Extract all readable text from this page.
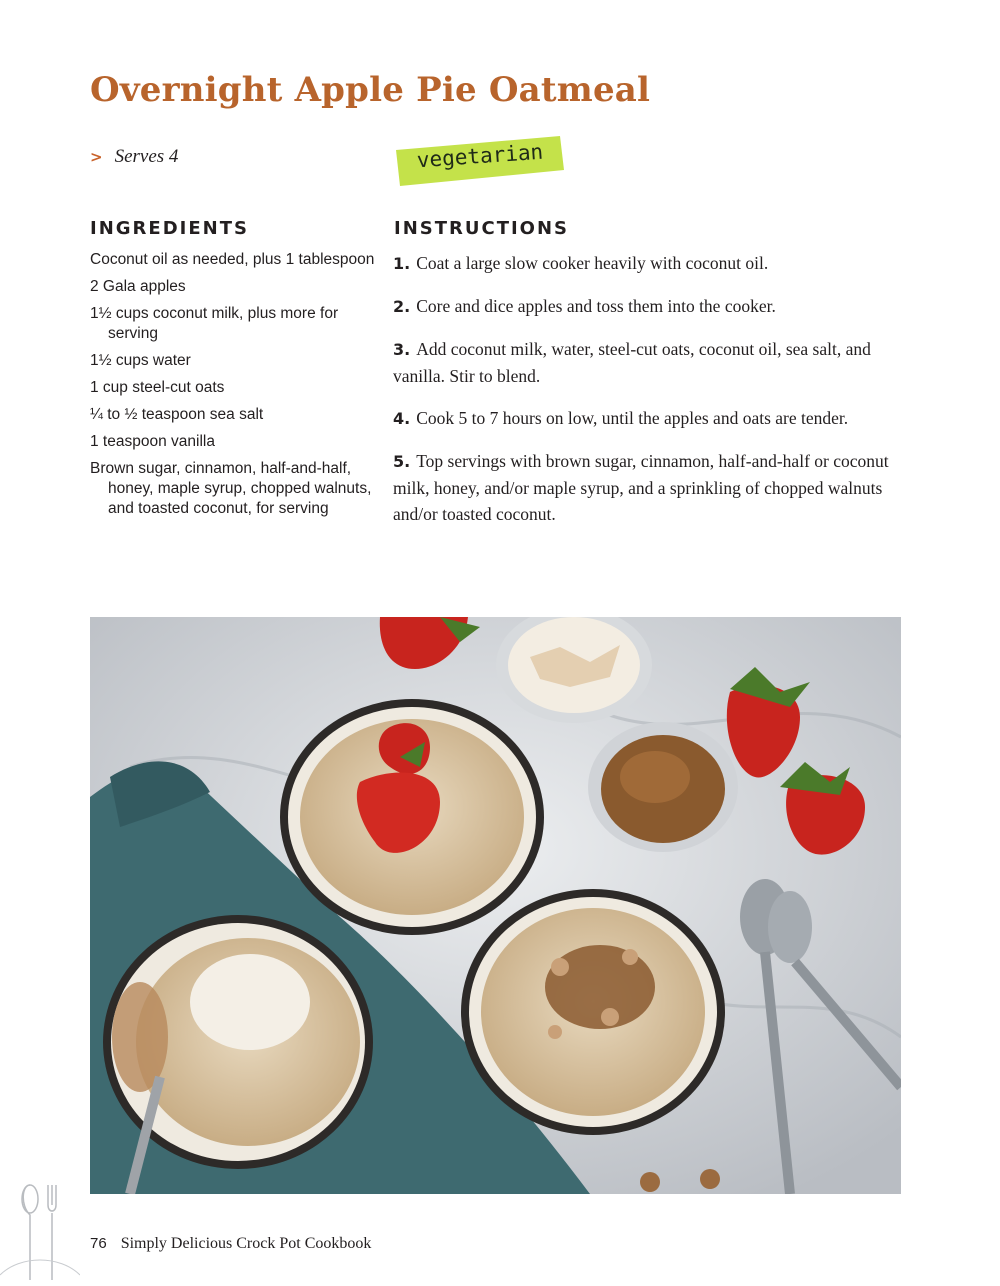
Overnight Apple Pie Oatmeal
> Serves 4	vegetarian
INGREDIENTS
Coconut oil as needed, plus 1 tablespoon
2 Gala apples
1½ cups coconut milk, plus more for serving
1½ cups water
1 cup steel-cut oats
¼ to ½ teaspoon sea salt
1 teaspoon vanilla
Brown sugar, cinnamon, half-and-half, honey, maple syrup, chopped walnuts, and toasted coconut, for serving
INSTRUCTIONS
1. Coat a large slow cooker heavily with coconut oil.
2. Core and dice apples and toss them into the cooker.
3. Add coconut milk, water, steel-cut oats, coconut oil, sea salt, and vanilla. Stir to blend.
4. Cook 5 to 7 hours on low, until the apples and oats are tender.
5. Top servings with brown sugar, cinnamon, half-and-half or coconut milk, honey, and/or maple syrup, and a sprinkling of chopped walnuts and/or toasted coconut.
76 Simply Delicious Crock Pot Cookbook
